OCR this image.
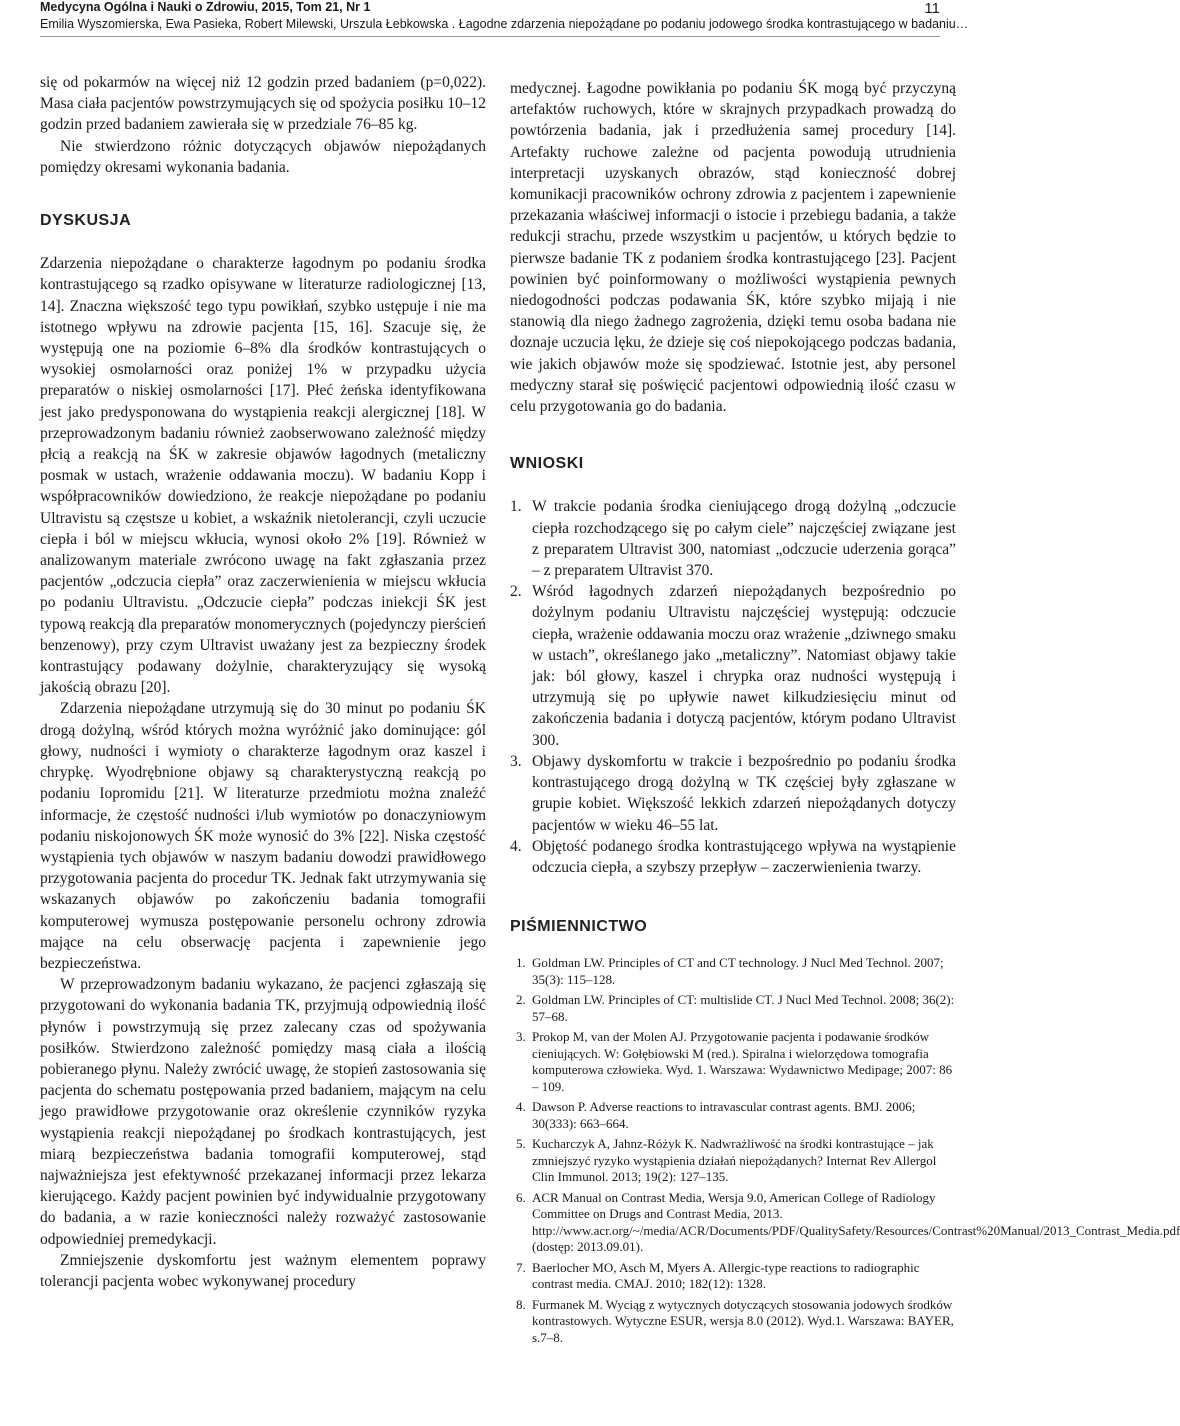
Medycyna Ogólna i Nauki o Zdrowiu, 2015, Tom 21, Nr 1	11
Emilia Wyszomierska, Ewa Pasieka, Robert Milewski, Urszula Łebkowska . Łagodne zdarzenia niepożądane po podaniu jodowego środka kontrastującego w badaniu…

się od pokarmów na więcej niż 12 godzin przed badaniem (p=0,022). Masa ciała pacjentów powstrzymujących się od spożycia posiłku 10–12 godzin przed badaniem zawierała się w przedziale 76–85 kg.

Nie stwierdzono różnic dotyczących objawów niepożądanych pomiędzy okresami wykonania badania.

DYSKUSJA

Zdarzenia niepożądane o charakterze łagodnym po podaniu środka kontrastującego są rzadko opisywane w literaturze radiologicznej [13, 14]. Znaczna większość tego typu powikłań, szybko ustępuje i nie ma istotnego wpływu na zdrowie pacjenta [15, 16]. Szacuje się, że występują one na poziomie 6–8% dla środków kontrastujących o wysokiej osmolarności oraz poniżej 1% w przypadku użycia preparatów o niskiej osmolarności [17]. Płeć żeńska identyfikowana jest jako predysponowana do wystąpienia reakcji alergicznej [18]. W przeprowadzonym badaniu również zaobserwowano zależność między płcią a reakcją na ŚK w zakresie objawów łagodnych (metaliczny posmak w ustach, wrażenie oddawania moczu). W badaniu Kopp i współpracowników dowiedziono, że reakcje niepożądane po podaniu Ultravistu są częstsze u kobiet, a wskaźnik nietolerancji, czyli uczucie ciepła i ból w miejscu wkłucia, wynosi około 2% [19]. Również w analizowanym materiale zwrócono uwagę na fakt zgłaszania przez pacjentów „odczucia ciepła” oraz zaczerwienienia w miejscu wkłucia po podaniu Ultravistu. „Odczucie ciepła” podczas iniekcji ŚK jest typową reakcją dla preparatów monomerycznych (pojedynczy pierścień benzenowy), przy czym Ultravist uważany jest za bezpieczny środek kontrastujący podawany dożylnie, charakteryzujący się wysoką jakością obrazu [20].

Zdarzenia niepożądane utrzymują się do 30 minut po podaniu ŚK drogą dożylną, wśród których można wyróżnić jako dominujące: gól głowy, nudności i wymioty o charakterze łagodnym oraz kaszel i chrypkę. Wyodrębnione objawy są charakterystyczną reakcją po podaniu Iopromidu [21]. W literaturze przedmiotu można znaleźć informacje, że częstość nudności i/lub wymiotów po donaczyniowym podaniu niskojonowych ŚK może wynosić do 3% [22]. Niska częstość wystąpienia tych objawów w naszym badaniu dowodzi prawidłowego przygotowania pacjenta do procedur TK. Jednak fakt utrzymywania się wskazanych objawów po zakończeniu badania tomografii komputerowej wymusza postępowanie personelu ochrony zdrowia mające na celu obserwację pacjenta i zapewnienie jego bezpieczeństwa.

W przeprowadzonym badaniu wykazano, że pacjenci zgłaszają się przygotowani do wykonania badania TK, przyjmują odpowiednią ilość płynów i powstrzymują się przez zalecany czas od spożywania posiłków. Stwierdzono zależność pomiędzy masą ciała a ilością pobieranego płynu. Należy zwrócić uwagę, że stopień zastosowania się pacjenta do schematu postępowania przed badaniem, mającym na celu jego prawidłowe przygotowanie oraz określenie czynników ryzyka wystąpienia reakcji niepożądanej po środkach kontrastujących, jest miarą bezpieczeństwa badania tomografii komputerowej, stąd najważniejsza jest efektywność przekazanej informacji przez lekarza kierującego. Każdy pacjent powinien być indywidualnie przygotowany do badania, a w razie konieczności należy rozważyć zastosowanie odpowiedniej premedykacji.

Zmniejszenie dyskomfortu jest ważnym elementem poprawy tolerancji pacjenta wobec wykonywanej procedury

medycznej. Łagodne powikłania po podaniu ŚK mogą być przyczyną artefaktów ruchowych, które w skrajnych przypadkach prowadzą do powtórzenia badania, jak i przedłużenia samej procedury [14]. Artefakty ruchowe zależne od pacjenta powodują utrudnienia interpretacji uzyskanych obrazów, stąd konieczność dobrej komunikacji pracowników ochrony zdrowia z pacjentem i zapewnienie przekazania właściwej informacji o istocie i przebiegu badania, a także redukcji strachu, przede wszystkim u pacjentów, u których będzie to pierwsze badanie TK z podaniem środka kontrastującego [23]. Pacjent powinien być poinformowany o możliwości wystąpienia pewnych niedogodności podczas podawania ŚK, które szybko mijają i nie stanowią dla niego żadnego zagrożenia, dzięki temu osoba badana nie doznaje uczucia lęku, że dzieje się coś niepokojącego podczas badania, wie jakich objawów może się spodziewać. Istotnie jest, aby personel medyczny starał się poświęcić pacjentowi odpowiednią ilość czasu w celu przygotowania go do badania.

WNIOSKI
1. W trakcie podania środka cieniującego drogą dożylną „odczucie ciepła rozchodzącego się po całym ciele” najczęściej związane jest z preparatem Ultravist 300, natomiast „odczucie uderzenia gorąca” – z preparatem Ultravist 370.
2. Wśród łagodnych zdarzeń niepożądanych bezpośrednio po dożylnym podaniu Ultravistu najczęściej występują: odczucie ciepła, wrażenie oddawania moczu oraz wrażenie „dziwnego smaku w ustach”, określanego jako „metaliczny”. Natomiast objawy takie jak: ból głowy, kaszel i chrypka oraz nudności występują i utrzymują się po upływie nawet kilkudziesięciu minut od zakończenia badania i dotyczą pacjentów, którym podano Ultravist 300.
3. Objawy dyskomfortu w trakcie i bezpośrednio po podaniu środka kontrastującego drogą dożylną w TK częściej były zgłaszane w grupie kobiet. Większość lekkich zdarzeń niepożądanych dotyczy pacjentów w wieku 46–55 lat.
4. Objętość podanego środka kontrastującego wpływa na wystąpienie odczucia ciepła, a szybszy przepływ – zaczerwienienia twarzy.
PIŚMIENNICTWO
1. Goldman LW. Principles of CT and CT technology. J Nucl Med Technol. 2007; 35(3): 115–128.
2. Goldman LW. Principles of CT: multislide CT. J Nucl Med Technol. 2008; 36(2): 57–68.
3. Prokop M, van der Molen AJ. Przygotowanie pacjenta i podawanie środków cieniujących. W: Gołębiowski M (red.). Spiralna i wielorzędowa tomografia komputerowa człowieka. Wyd. 1. Warszawa: Wydawnictwo Medipage; 2007: 86 – 109.
4. Dawson P. Adverse reactions to intravascular contrast agents. BMJ. 2006; 30(333): 663–664.
5. Kucharczyk A, Jahnz-Różyk K. Nadwrażliwość na środki kontrastujące – jak zmniejszyć ryzyko wystąpienia działań niepożądanych? Internat Rev Allergol Clin Immunol. 2013; 19(2): 127–135.
6. ACR Manual on Contrast Media, Wersja 9.0, American College of Radiology Committee on Drugs and Contrast Media, 2013. http://www.acr.org/~/media/ACR/Documents/PDF/QualitySafety/Resources/Contrast%20Manual/2013_Contrast_Media.pdf (dostęp: 2013.09.01).
7. Baerlocher MO, Asch M, Myers A. Allergic-type reactions to radiographic contrast media. CMAJ. 2010; 182(12): 1328.
8. Furmanek M. Wyciąg z wytycznych dotyczących stosowania jodowych środków kontrastowych. Wytyczne ESUR, wersja 8.0 (2012). Wyd.1. Warszawa: BAYER, s.7–8.
